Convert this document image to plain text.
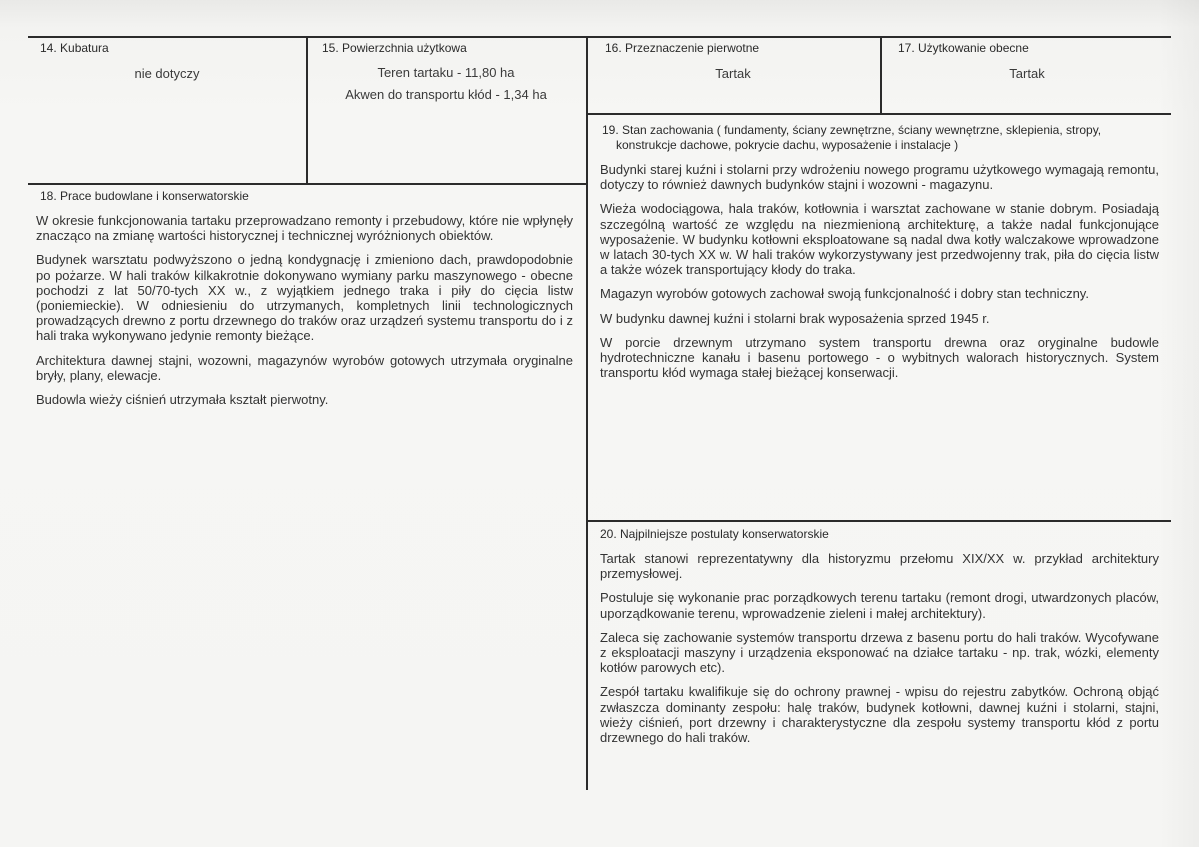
14. Kubatura
nie dotyczy
15. Powierzchnia użytkowa
Teren tartaku - 11,80 ha
Akwen do transportu kłód - 1,34 ha
16. Przeznaczenie pierwotne
Tartak
17. Użytkowanie obecne
Tartak
18. Prace budowlane i konserwatorskie

W okresie funkcjonowania tartaku przeprowadzano remonty i przebudowy, które nie wpłynęły znacząco na zmianę wartości historycznej i technicznej wyróżnionych obiektów.

Budynek warsztatu podwyższono o jedną kondygnację i zmieniono dach, prawdopodobnie po pożarze. W hali traków kilkakrotnie dokonywano wymiany parku maszynowego - obecne pochodzi z lat 50/70-tych XX w., z wyjątkiem jednego traka i piły do cięcia listw (poniemieckie). W odniesieniu do utrzymanych, kompletnych linii technologicznych prowadzących drewno z portu drzewnego do traków oraz urządzeń systemu transportu do i z hali traka wykonywano jedynie remonty bieżące.

Architektura dawnej stajni, wozowni, magazynów wyrobów gotowych utrzymała oryginalne bryły, plany, elewacje.

Budowla wieży ciśnień utrzymała kształt pierwotny.

19. Stan zachowania ( fundamenty, ściany zewnętrzne, ściany wewnętrzne, sklepienia, stropy,
konstrukcje dachowe, pokrycie dachu, wyposażenie i instalacje )

Budynki starej kuźni i stolarni przy wdrożeniu nowego programu użytkowego wymagają remontu, dotyczy to również dawnych budynków stajni i wozowni - magazynu.

Wieża wodociągowa, hala traków, kotłownia i warsztat zachowane w stanie dobrym. Posiadają szczególną wartość ze względu na niezmienioną architekturę, a także nadal funkcjonujące wyposażenie. W budynku kotłowni eksploatowane są nadal dwa kotły walczakowe wprowadzone w latach 30-tych XX w. W hali traków wykorzystywany jest przedwojenny trak, piła do cięcia listw a także wózek transportujący kłody do traka.

Magazyn wyrobów gotowych zachował swoją funkcjonalność i dobry stan techniczny.

W budynku dawnej kuźni i stolarni brak wyposażenia sprzed 1945 r.

W porcie drzewnym utrzymano system transportu drewna oraz oryginalne budowle hydrotechniczne kanału i basenu portowego - o wybitnych walorach historycznych. System transportu kłód wymaga stałej bieżącej konserwacji.

20. Najpilniejsze postulaty konserwatorskie

Tartak stanowi reprezentatywny dla historyzmu przełomu XIX/XX w. przykład architektury przemysłowej.

Postuluje się wykonanie prac porządkowych terenu tartaku (remont drogi, utwardzonych placów, uporządkowanie terenu, wprowadzenie zieleni i małej architektury).

Zaleca się zachowanie systemów transportu drzewa z basenu portu do hali traków. Wycofywane z eksploatacji maszyny i urządzenia eksponować na działce tartaku - np. trak, wózki, elementy kotłów parowych etc).

Zespół tartaku kwalifikuje się do ochrony prawnej - wpisu do rejestru zabytków. Ochroną objąć zwłaszcza dominanty zespołu: halę traków, budynek kotłowni, dawnej kuźni i stolarni, stajni, wieży ciśnień, port drzewny i charakterystyczne dla zespołu systemy transportu kłód z portu drzewnego do hali traków.
